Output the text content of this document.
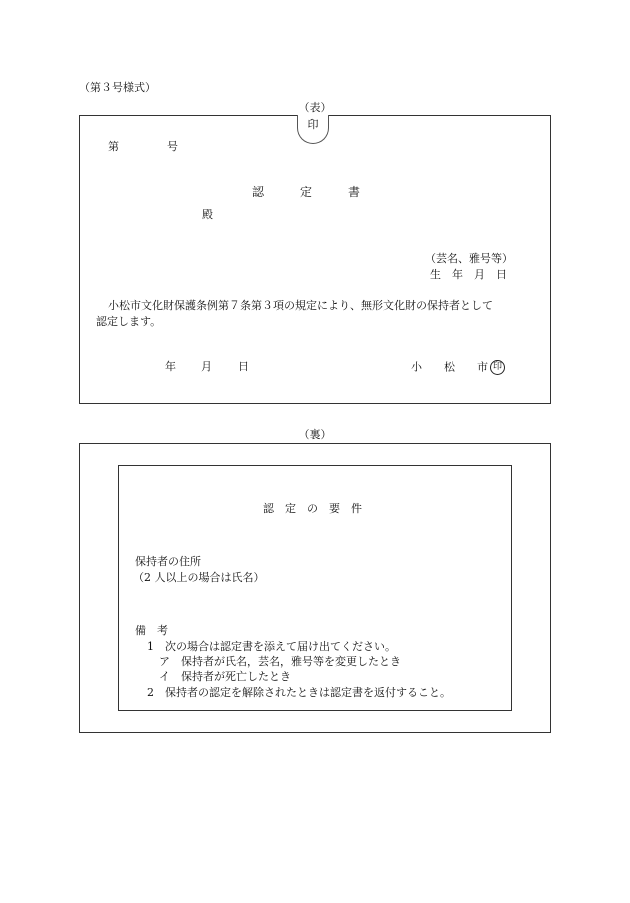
（第３号様式）
（表）
印
第	号
認　　　定　　　書
殿
（芸名、雅号等）
生　年　月　日
小松市文化財保護条例第７条第３項の規定により、無形文化財の保持者として
認定します。
年 月 日	小　　松　　市 印
（裏）
認　定　の　要　件
保持者の住所
（2 人以上の場合は氏名）
備　考
1　次の場合は認定書を添えて届け出てください。
ア　保持者が氏名，芸名，雅号等を変更したとき
イ　保持者が死亡したとき
2　保持者の認定を解除されたときは認定書を返付すること。
